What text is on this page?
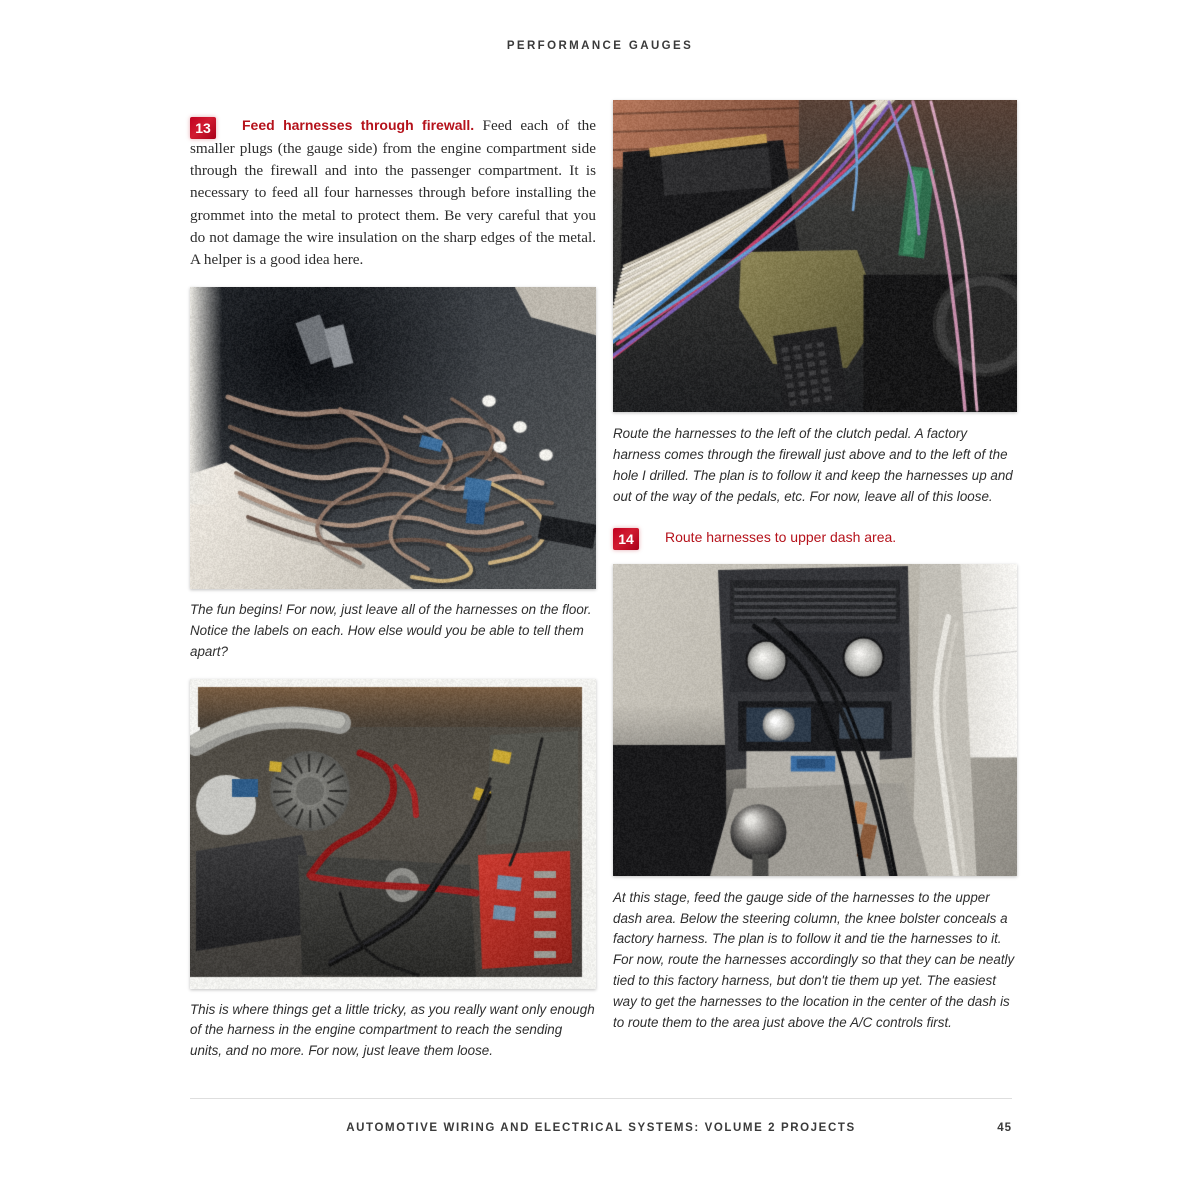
PERFORMANCE GAUGES
13	Feed harnesses through firewall. Feed each of the smaller plugs (the gauge side) from the engine compartment side through the firewall and into the passenger compartment. It is necessary to feed all four harnesses through before installing the grommet into the metal to protect them. Be very careful that you do not damage the wire insulation on the sharp edges of the metal. A helper is a good idea here.

The fun begins! For now, just leave all of the harnesses on the floor. Notice the labels on each. How else would you be able to tell them apart?

This is where things get a little tricky, as you really want only enough of the harness in the engine compartment to reach the sending units, and no more. For now, just leave them loose.

Route the harnesses to the left of the clutch pedal. A factory harness comes through the firewall just above and to the left of the hole I drilled. The plan is to follow it and keep the harnesses up and out of the way of the pedals, etc. For now, leave all of this loose.

14	Route harnesses to upper dash area.

At this stage, feed the gauge side of the harnesses to the upper dash area. Below the steering column, the knee bolster conceals a factory harness. The plan is to follow it and tie the harnesses to it. For now, route the harnesses accordingly so that they can be neatly tied to this factory harness, but don't tie them up yet. The easiest way to get the harnesses to the location in the center of the dash is to route them to the area just above the A/C controls first.

AUTOMOTIVE WIRING AND ELECTRICAL SYSTEMS: VOLUME 2 PROJECTS	45
